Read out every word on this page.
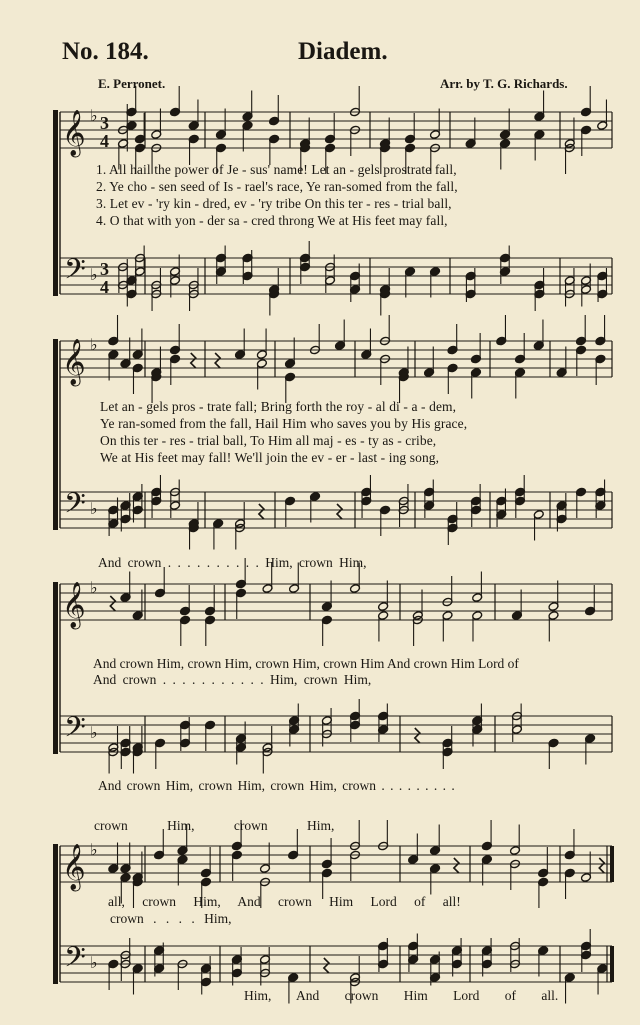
No. 184.	Diadem.
E. Perronet.	Arr. by T. G. Richards.
𝄞
𝄢
♭
♭
3
4
3
4
𝄞
𝄢
♭
♭
𝄞
𝄢
♭
♭
𝄞
𝄢
♭
♭
1. All hail the power of Je - sus' name! Let an - gels prostrate fall,
2. Ye cho - sen seed of Is - rael's race, Ye ran-somed from the fall,
3. Let ev - 'ry kin - dred, ev - 'ry tribe On this ter - res - trial ball,
4. O that with yon - der sa - cred throng We at His feet may fall,
Let an - gels pros - trate fall; Bring forth the roy - al di - a - dem,
Ye ran-somed from the fall, Hail Him who saves you by His grace,
On this ter - res - trial ball, To Him all maj - es - ty as - cribe,
We at His feet may fall! We'll join the ev - er - last - ing song,
And crown . . . . . . . . . . Him, crown Him,
And crown Him, crown Him, crown Him, crown Him And crown Him Lord of
And crown . . . . . . . . . . . Him, crown Him,
And crown Him, crown Him, crown Him, crown . . . . . . . . .
crown Him, crown Him,
all, crown Him, And crown Him Lord of all!
crown . . . . Him,
Him, And crown Him Lord of all.
